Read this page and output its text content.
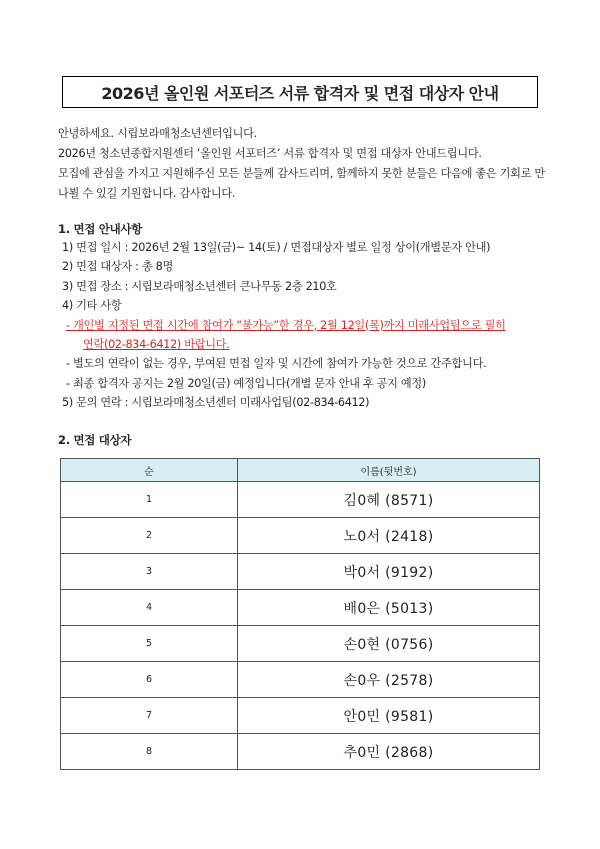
2026년 올인원 서포터즈 서류 합격자 및 면접 대상자 안내

안녕하세요. 시립보라매청소년센터입니다.

2026년 청소년종합지원센터 ‘올인원 서포터즈’ 서류 합격자 및 면접 대상자 안내드립니다.

모집에 관심을 가지고 지원해주신 모든 분들께 감사드리며, 함께하지 못한 분들은 다음에 좋은 기회로 만나뵐 수 있길 기원합니다. 감사합니다.

1. 면접 안내사항
1) 면접 일시 : 2026년 2월 13일(금)~ 14(토) / 면접대상자 별로 일정 상이(개별문자 안내)
2) 면접 대상자 : 총 8명
3) 면접 장소 : 시립보라매청소년센터 큰나무동 2층 210호
4) 기타 사항
- 개인별 지정된 면접 시간에 참여가 “불가능”한 경우, 2월 12일(목)까지 미래사업팀으로 필히
연락(02-834-6412) 바랍니다.
- 별도의 연락이 없는 경우, 부여된 면접 일자 및 시간에 참여가 가능한 것으로 간주합니다.
- 최종 합격자 공지는 2월 20일(금) 예정입니다(개별 문자 안내 후 공지 예정)
5) 문의 연락 : 시립보라매청소년센터 미래사업팀(02-834-6412)
2. 면접 대상자
순	이름(뒷번호)
1	김0혜 (8571)
2	노0서 (2418)
3	박0서 (9192)
4	배0은 (5013)
5	손0현 (0756)
6	손0우 (2578)
7	안0민 (9581)
8	추0민 (2868)
